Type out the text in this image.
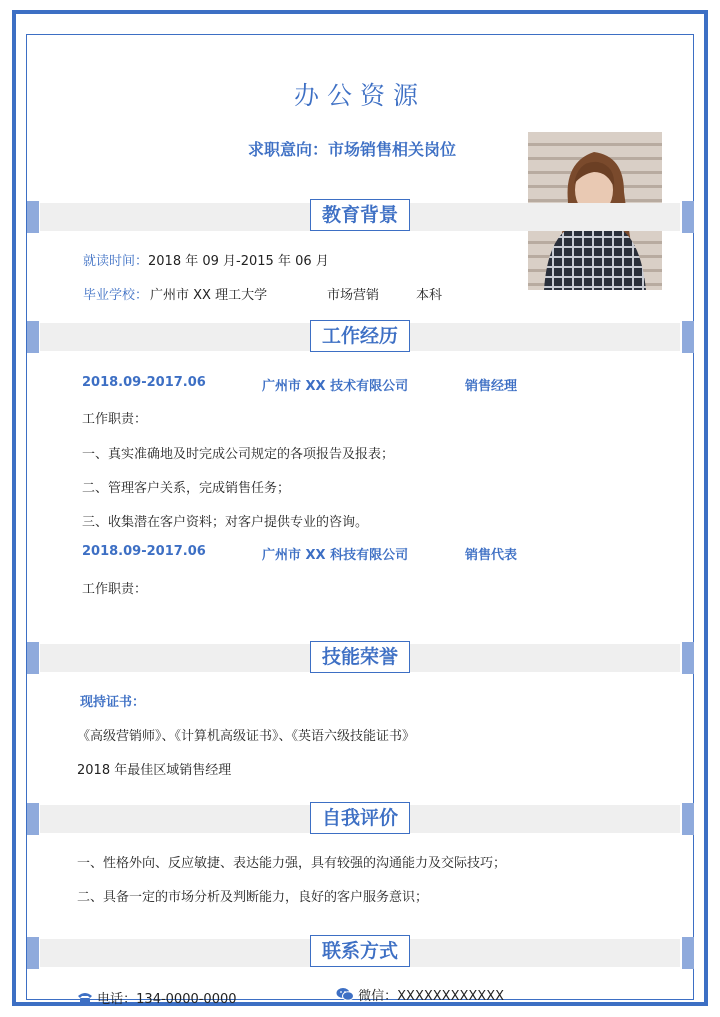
办公资源
求职意向：市场销售相关岗位
教育背景
就读时间：2018 年 09 月-2015 年 06 月
毕业学校： 广州市 XX 理工大学	市场营销	本科
工作经历
2018.09-2017.06	广州市 XX 技术有限公司	销售经理
工作职责：
一、真实准确地及时完成公司规定的各项报告及报表；
二、管理客户关系，完成销售任务；
三、收集潜在客户资料；对客户提供专业的咨询。
2018.09-2017.06	广州市 XX 科技有限公司	销售代表
工作职责：
技能荣誉
现持证书：
《高级营销师》、《计算机高级证书》、《英语六级技能证书》
2018 年最佳区域销售经理
自我评价
一、性格外向、反应敏捷、表达能力强，具有较强的沟通能力及交际技巧；
二、具备一定的市场分析及判断能力，良好的客户服务意识；
联系方式
电话：134-0000-0000	微信：XXXXXXXXXXXX
